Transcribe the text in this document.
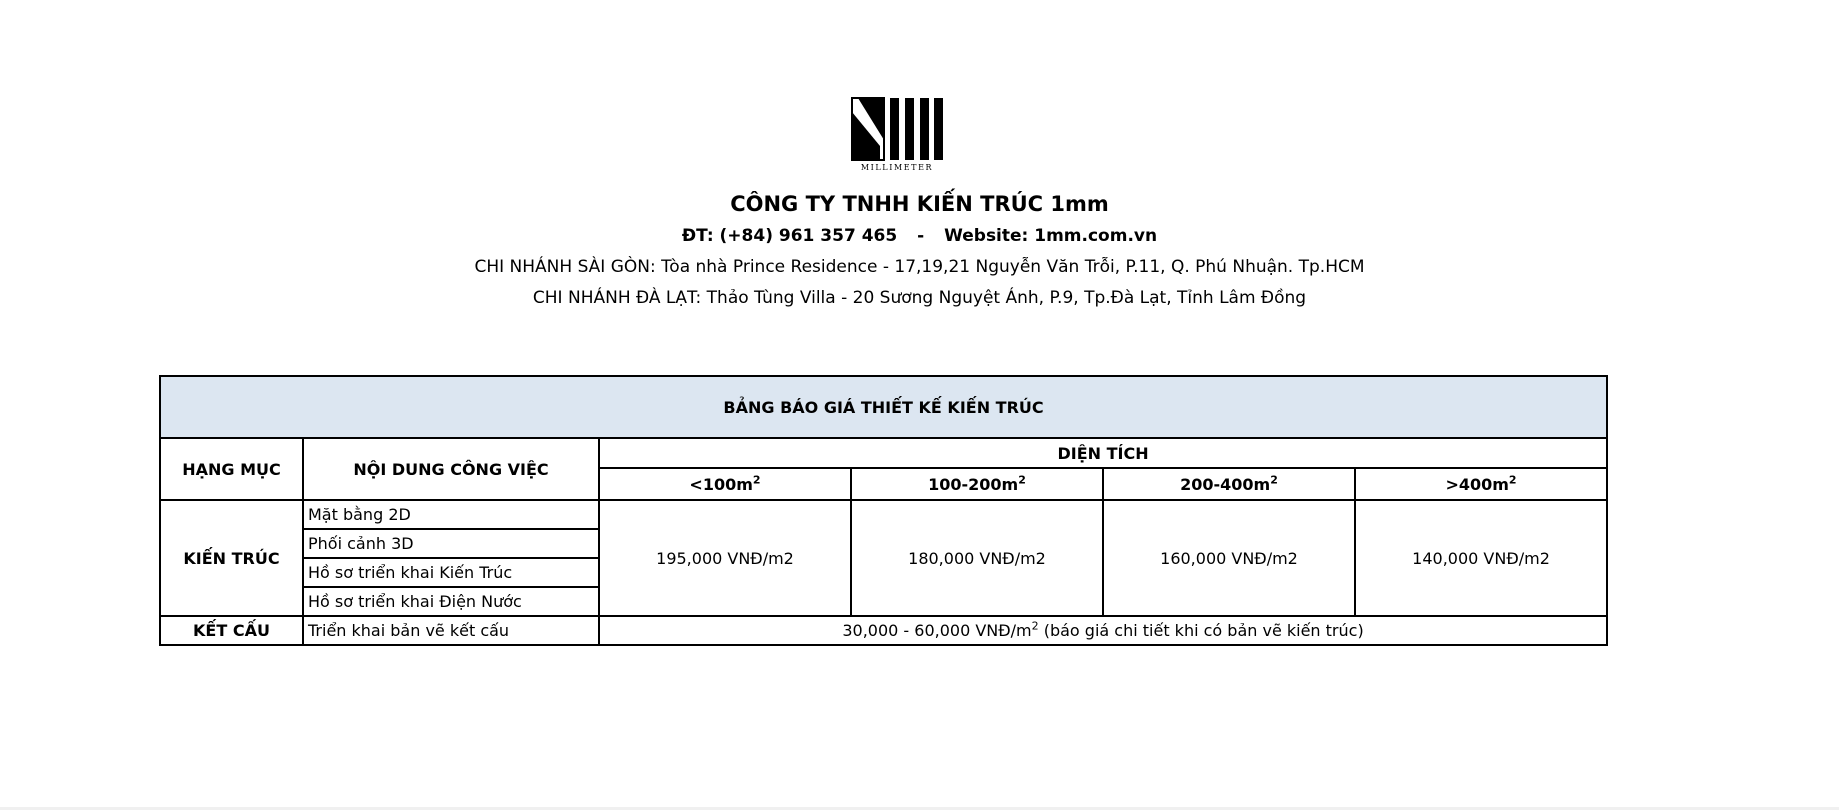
MILLIMETER
CÔNG TY TNHH KIẾN TRÚC 1mm
ĐT: (+84) 961 357 465 - Website: 1mm.com.vn
CHI NHÁNH SÀI GÒN: Tòa nhà Prince Residence - 17,19,21 Nguyễn Văn Trỗi, P.11, Q. Phú Nhuận. Tp.HCM
CHI NHÁNH ĐÀ LẠT: Thảo Tùng Villa - 20 Sương Nguyệt Ánh, P.9, Tp.Đà Lạt, Tỉnh Lâm Đồng
BẢNG BÁO GIÁ THIẾT KẾ KIẾN TRÚC					
HẠNG MỤC	NỘI DUNG CÔNG VIỆC	DIỆN TÍCH			
		$<100m^2$	$100-200m^2$	$200-400m^2$	$>400m^2$
KIẾN TRÚC	Mặt bằng 2D	195,000 VNĐ/m2	180,000 VNĐ/m2	160,000 VNĐ/m2	140,000 VNĐ/m2
	Phối cảnh 3D				
	Hồ sơ triển khai Kiến Trúc				
	Hồ sơ triển khai Điện Nước				
KẾT CẤU	Triển khai bản vẽ kết cấu	30,000 - 60,000 VNĐ/$m^2$ (báo giá chi tiết khi có bản vẽ kiến trúc)			
